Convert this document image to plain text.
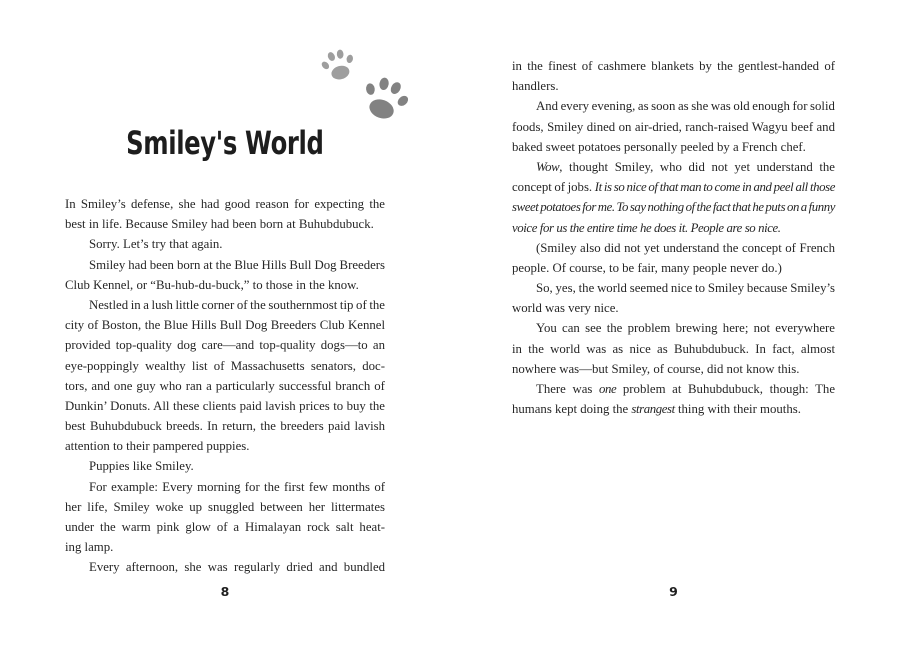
Smiley's World
In Smiley’s defense, she had good reason for expecting the
best in life. Because Smiley had been born at Buhubdubuck.
Sorry. Let’s try that again.
Smiley had been born at the Blue Hills Bull Dog Breeders
Club Kennel, or “Bu-hub-du-buck,” to those in the know.
Nestled in a lush little corner of the southernmost tip of the
city of Boston, the Blue Hills Bull Dog Breeders Club Kennel
provided top-quality dog care—and top-quality dogs—to an
eye-poppingly wealthy list of Massachusetts senators, doc-
tors, and one guy who ran a particularly successful branch of
Dunkin’ Donuts. All these clients paid lavish prices to buy the
best Buhubdubuck breeds. In return, the breeders paid lavish
attention to their pampered puppies.
Puppies like Smiley.
For example: Every morning for the first few months of
her life, Smiley woke up snuggled between her littermates
under the warm pink glow of a Himalayan rock salt heat-
ing lamp.
Every afternoon, she was regularly dried and bundled
8
in the finest of cashmere blankets by the gentlest-handed of
handlers.
And every evening, as soon as she was old enough for solid
foods, Smiley dined on air-dried, ranch-raised Wagyu beef and
baked sweet potatoes personally peeled by a French chef.
Wow, thought Smiley, who did not yet understand the
concept of jobs. It is so nice of that man to come in and peel all those
sweet potatoes for me. To say nothing of the fact that he puts on a funny
voice for us the entire time he does it. People are so nice.
(Smiley also did not yet understand the concept of French
people. Of course, to be fair, many people never do.)
So, yes, the world seemed nice to Smiley because Smiley’s
world was very nice.
You can see the problem brewing here; not everywhere
in the world was as nice as Buhubdubuck. In fact, almost
nowhere was—but Smiley, of course, did not know this.
There was one problem at Buhubdubuck, though: The
humans kept doing the strangest thing with their mouths.
9
